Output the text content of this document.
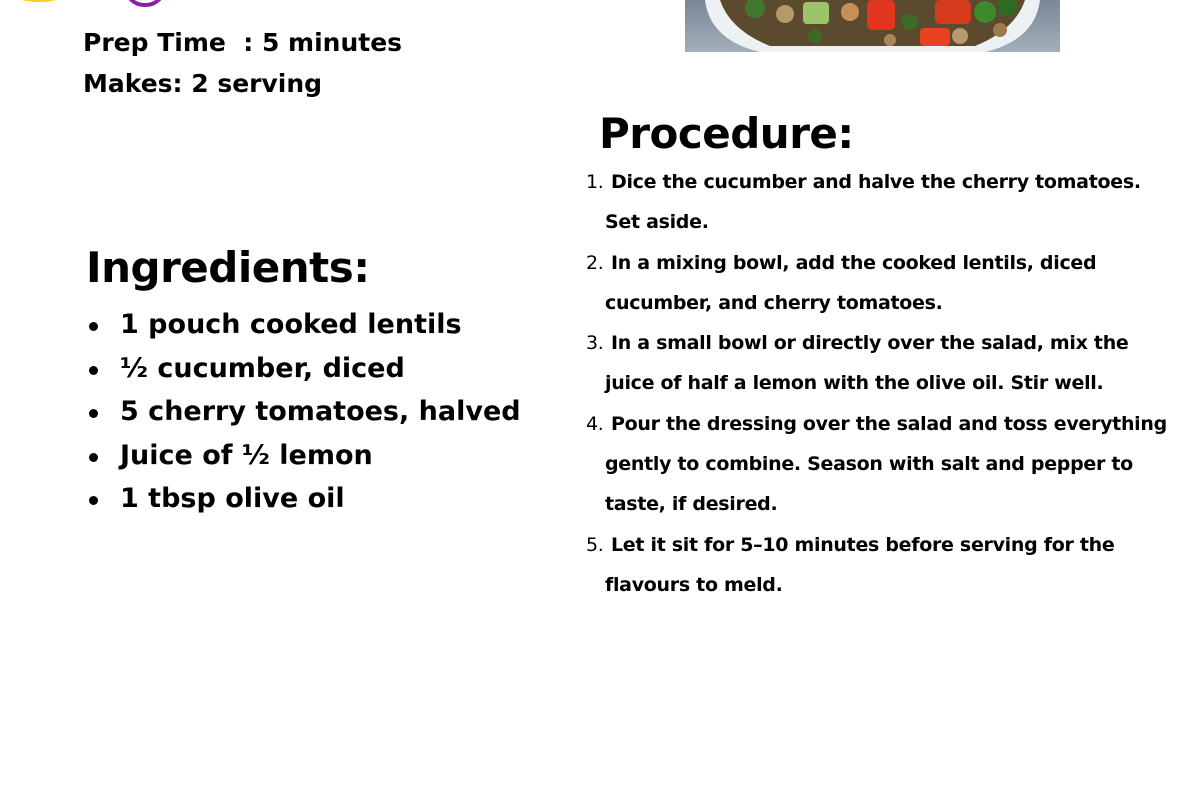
Prep Time  : 5 minutes
Makes: 2 serving
Ingredients:
1 pouch cooked lentils
½ cucumber, diced
5 cherry tomatoes, halved
Juice of ½ lemon
1 tbsp olive oil
Procedure:
1. Dice the cucumber and halve the cherry tomatoes. Set aside.
2. In a mixing bowl, add the cooked lentils, diced cucumber, and cherry tomatoes.
3. In a small bowl or directly over the salad, mix the juice of half a lemon with the olive oil. Stir well.
4. Pour the dressing over the salad and toss everything gently to combine. Season with salt and pepper to taste, if desired.
5. Let it sit for 5–10 minutes before serving for the flavours to meld.
